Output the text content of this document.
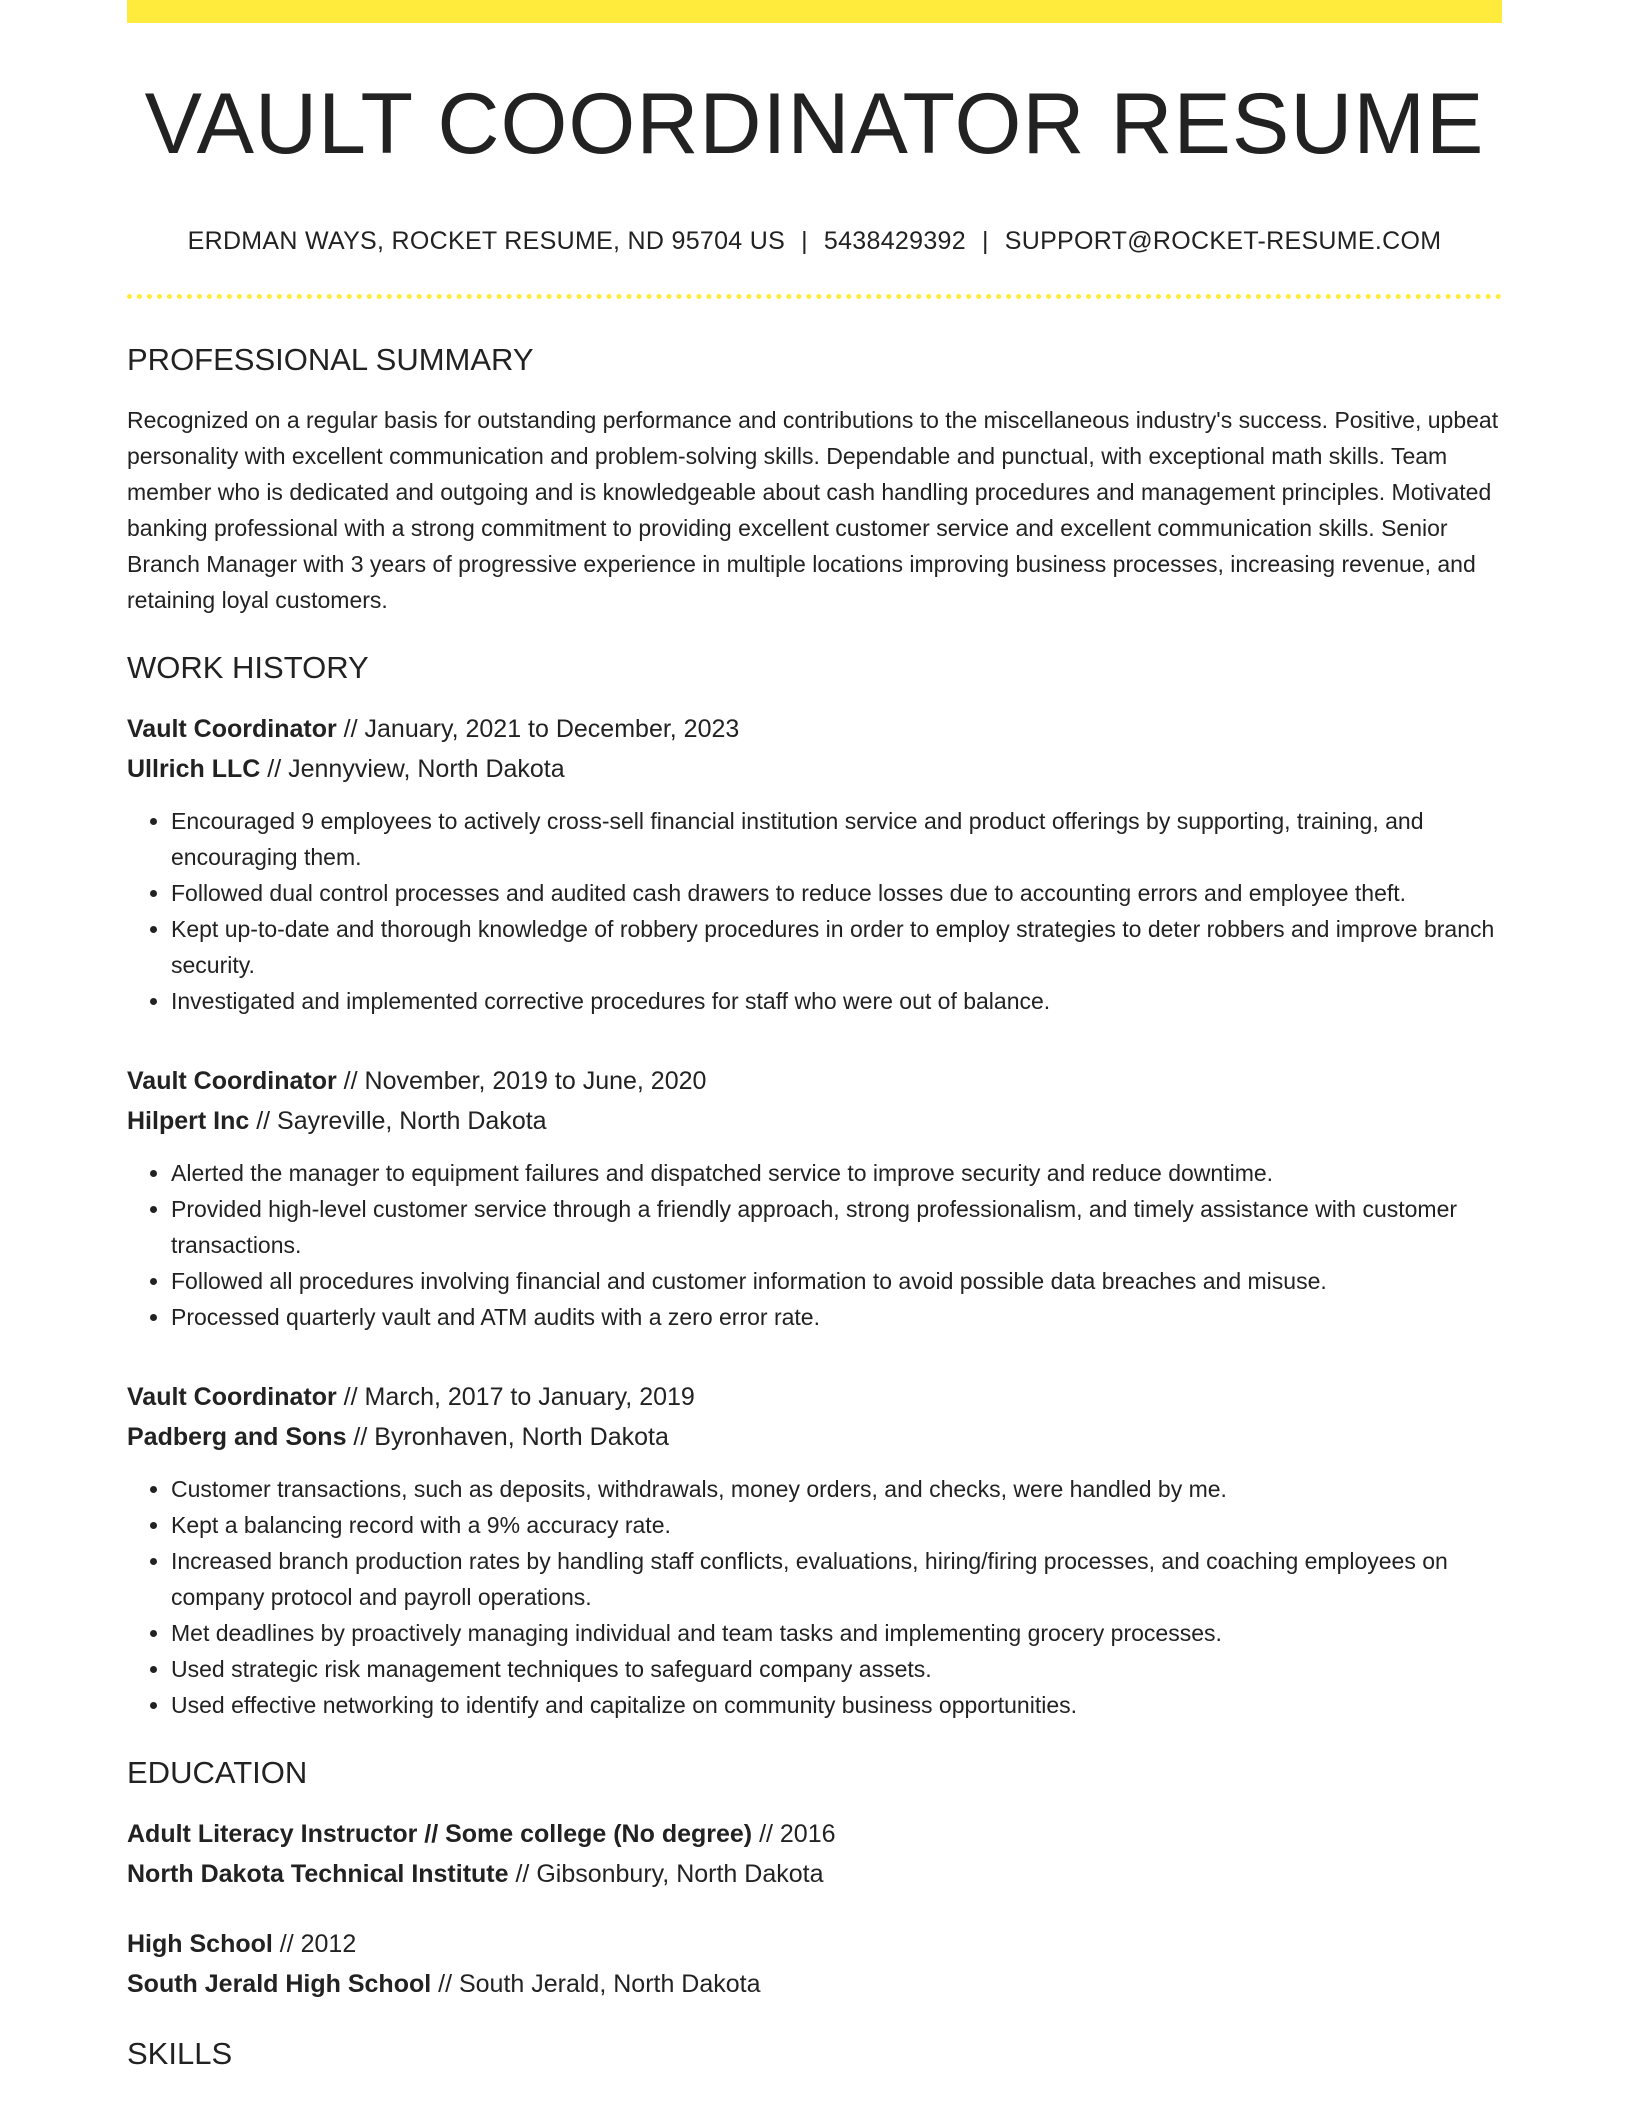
VAULT COORDINATOR RESUME
ERDMAN WAYS, ROCKET RESUME, ND 95704 US | 5438429392 | SUPPORT@ROCKET-RESUME.COM
PROFESSIONAL SUMMARY

Recognized on a regular basis for outstanding performance and contributions to the miscellaneous industry's success. Positive, upbeat personality with excellent communication and problem-solving skills. Dependable and punctual, with exceptional math skills. Team member who is dedicated and outgoing and is knowledgeable about cash handling procedures and management principles. Motivated banking professional with a strong commitment to providing excellent customer service and excellent communication skills. Senior Branch Manager with 3 years of progressive experience in multiple locations improving business processes, increasing revenue, and retaining loyal customers.

WORK HISTORY
Vault Coordinator // January, 2021 to December, 2023
Ullrich LLC // Jennyview, North Dakota
• Encouraged 9 employees to actively cross-sell financial institution service and product offerings by supporting, training, and encouraging them.
• Followed dual control processes and audited cash drawers to reduce losses due to accounting errors and employee theft.
• Kept up-to-date and thorough knowledge of robbery procedures in order to employ strategies to deter robbers and improve branch security.
• Investigated and implemented corrective procedures for staff who were out of balance.
Vault Coordinator // November, 2019 to June, 2020
Hilpert Inc // Sayreville, North Dakota
• Alerted the manager to equipment failures and dispatched service to improve security and reduce downtime.
• Provided high-level customer service through a friendly approach, strong professionalism, and timely assistance with customer transactions.
• Followed all procedures involving financial and customer information to avoid possible data breaches and misuse.
• Processed quarterly vault and ATM audits with a zero error rate.
Vault Coordinator // March, 2017 to January, 2019
Padberg and Sons // Byronhaven, North Dakota
• Customer transactions, such as deposits, withdrawals, money orders, and checks, were handled by me.
• Kept a balancing record with a 9% accuracy rate.
• Increased branch production rates by handling staff conflicts, evaluations, hiring/firing processes, and coaching employees on company protocol and payroll operations.
• Met deadlines by proactively managing individual and team tasks and implementing grocery processes.
• Used strategic risk management techniques to safeguard company assets.
• Used effective networking to identify and capitalize on community business opportunities.
EDUCATION
Adult Literacy Instructor // Some college (No degree) // 2016
North Dakota Technical Institute // Gibsonbury, North Dakota
High School // 2012
South Jerald High School // South Jerald, North Dakota
SKILLS
